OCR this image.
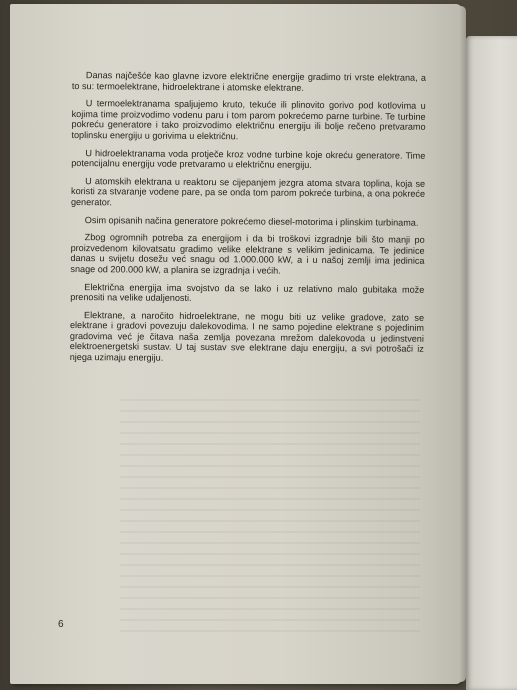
Danas najčešće kao glavne izvore električne energije gradimo tri vrste elektrana, a to su: termoelektrane, hidroelektrane i atomske elektrane.

U termoelektranama spaljujemo kruto, tekuće ili plinovito gorivo pod kotlovima u kojima time proizvodimo vodenu paru i tom parom pokrećemo parne turbine. Te turbine pokreću generatore i tako proizvodimo električnu energiju ili bolje rečeno pretvaramo toplinsku energiju u gorivima u električnu.

U hidroelektranama voda protječe kroz vodne turbine koje okreću generatore. Time potencijalnu energiju vode pretvaramo u električnu energiju.

U atomskih elektrana u reaktoru se cijepanjem jezgra atoma stvara toplina, koja se koristi za stvaranje vodene pare, pa se onda tom parom pokreće turbina, a ona pokreće generator.

Osim opisanih načina generatore pokrećemo diesel-motorima i plinskim turbinama.

Zbog ogromnih potreba za energijom i da bi troškovi izgradnje bili što manji po proizvedenom kilovatsatu gradimo velike elektrane s velikim jedinicama. Te jedinice danas u svijetu dosežu već snagu od 1.000.000 kW, a i u našoj zemlji ima jedinica snage od 200.000 kW, a planira se izgradnja i većih.

Električna energija ima svojstvo da se lako i uz relativno malo gubitaka može prenositi na velike udaljenosti.

Elektrane, a naročito hidroelektrane, ne mogu biti uz velike gradove, zato se elektrane i gradovi povezuju dalekovodima. I ne samo pojedine elektrane s pojedinim gradovima već je čitava naša zemlja povezana mrežom dalekovoda u jedinstveni elektroenergetski sustav. U taj sustav sve elektrane daju energiju, a svi potrošači iz njega uzimaju energiju.

6
